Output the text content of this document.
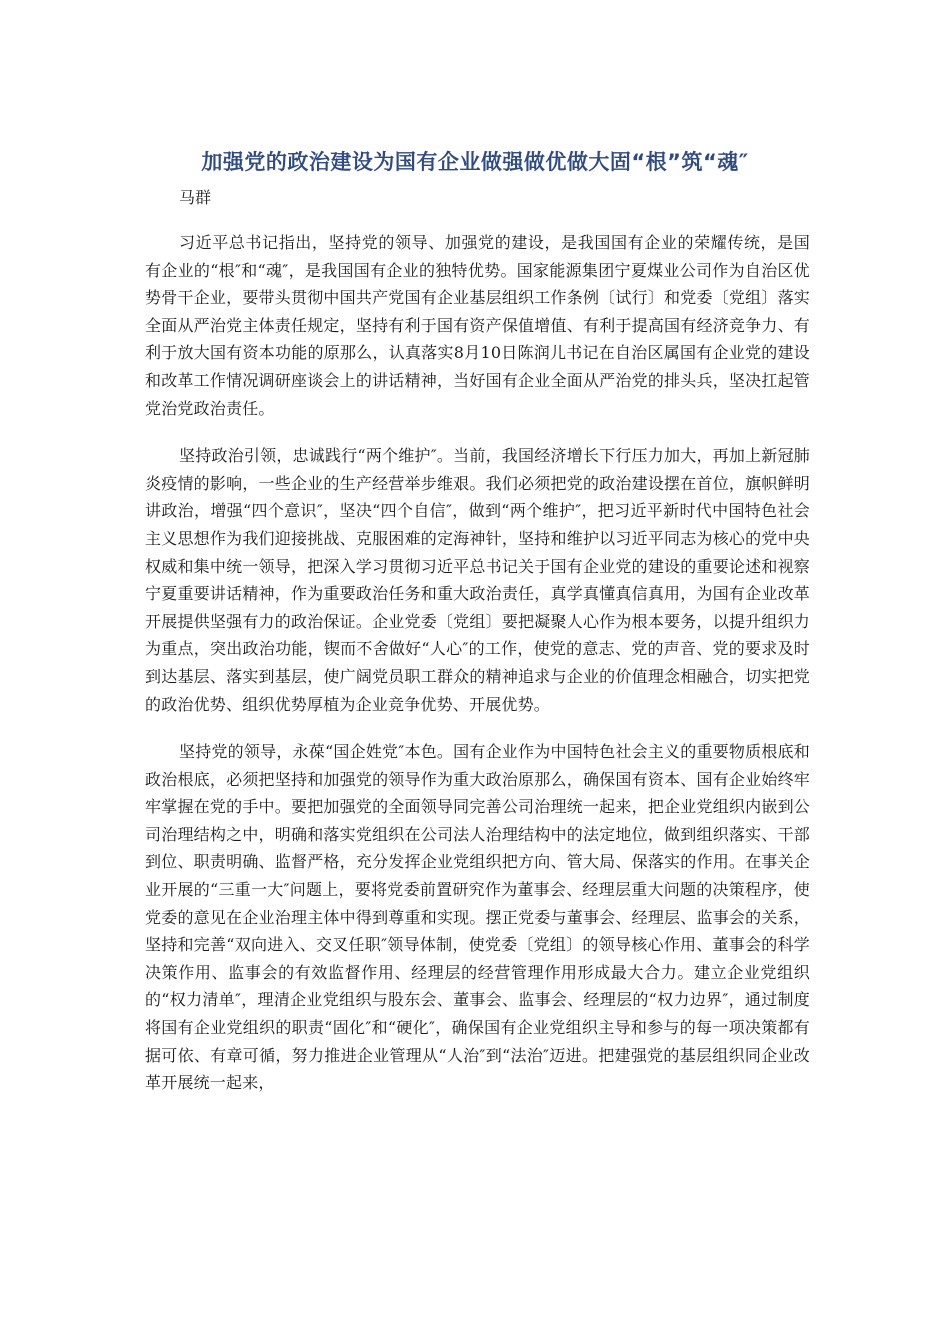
加强党的政治建设为国有企业做强做优做大固“根”筑“魂″
马群

习近平总书记指出，坚持党的领导、加强党的建设，是我国国有企业的荣耀传统，是国有企业的“根″和“魂″，是我国国有企业的独特优势。国家能源集团宁夏煤业公司作为自治区优势骨干企业，要带头贯彻中国共产党国有企业基层组织工作条例〔试行〕和党委〔党组〕落实全面从严治党主体责任规定，坚持有利于国有资产保值增值、有利于提高国有经济竞争力、有利于放大国有资本功能的原那么，认真落实8月10日陈润儿书记在自治区属国有企业党的建设和改革工作情况调研座谈会上的讲话精神，当好国有企业全面从严治党的排头兵，坚决扛起管党治党政治责任。

坚持政治引领，忠诚践行“两个维护″。当前，我国经济增长下行压力加大，再加上新冠肺炎疫情的影响，一些企业的生产经营举步维艰。我们必须把党的政治建设摆在首位，旗帜鲜明讲政治，增强“四个意识″，坚决“四个自信″，做到“两个维护″，把习近平新时代中国特色社会主义思想作为我们迎接挑战、克服困难的定海神针，坚持和维护以习近平同志为核心的党中央权威和集中统一领导，把深入学习贯彻习近平总书记关于国有企业党的建设的重要论述和视察宁夏重要讲话精神，作为重要政治任务和重大政治责任，真学真懂真信真用，为国有企业改革开展提供坚强有力的政治保证。企业党委〔党组〕要把凝聚人心作为根本要务，以提升组织力为重点，突出政治功能，锲而不舍做好“人心″的工作，使党的意志、党的声音、党的要求及时到达基层、落实到基层，使广阔党员职工群众的精神追求与企业的价值理念相融合，切实把党的政治优势、组织优势厚植为企业竞争优势、开展优势。

坚持党的领导，永葆“国企姓党″本色。国有企业作为中国特色社会主义的重要物质根底和政治根底，必须把坚持和加强党的领导作为重大政治原那么，确保国有资本、国有企业始终牢牢掌握在党的手中。要把加强党的全面领导同完善公司治理统一起来，把企业党组织内嵌到公司治理结构之中，明确和落实党组织在公司法人治理结构中的法定地位，做到组织落实、干部到位、职责明确、监督严格，充分发挥企业党组织把方向、管大局、保落实的作用。在事关企业开展的“三重一大″问题上，要将党委前置研究作为董事会、经理层重大问题的决策程序，使党委的意见在企业治理主体中得到尊重和实现。摆正党委与董事会、经理层、监事会的关系，坚持和完善“双向进入、交叉任职″领导体制，使党委〔党组〕的领导核心作用、董事会的科学决策作用、监事会的有效监督作用、经理层的经营管理作用形成最大合力。建立企业党组织的“权力清单″，理清企业党组织与股东会、董事会、监事会、经理层的“权力边界″，通过制度将国有企业党组织的职责“固化″和“硬化″，确保国有企业党组织主导和参与的每一项决策都有据可依、有章可循，努力推进企业管理从“人治″到“法治″迈进。把建强党的基层组织同企业改革开展统一起来，
